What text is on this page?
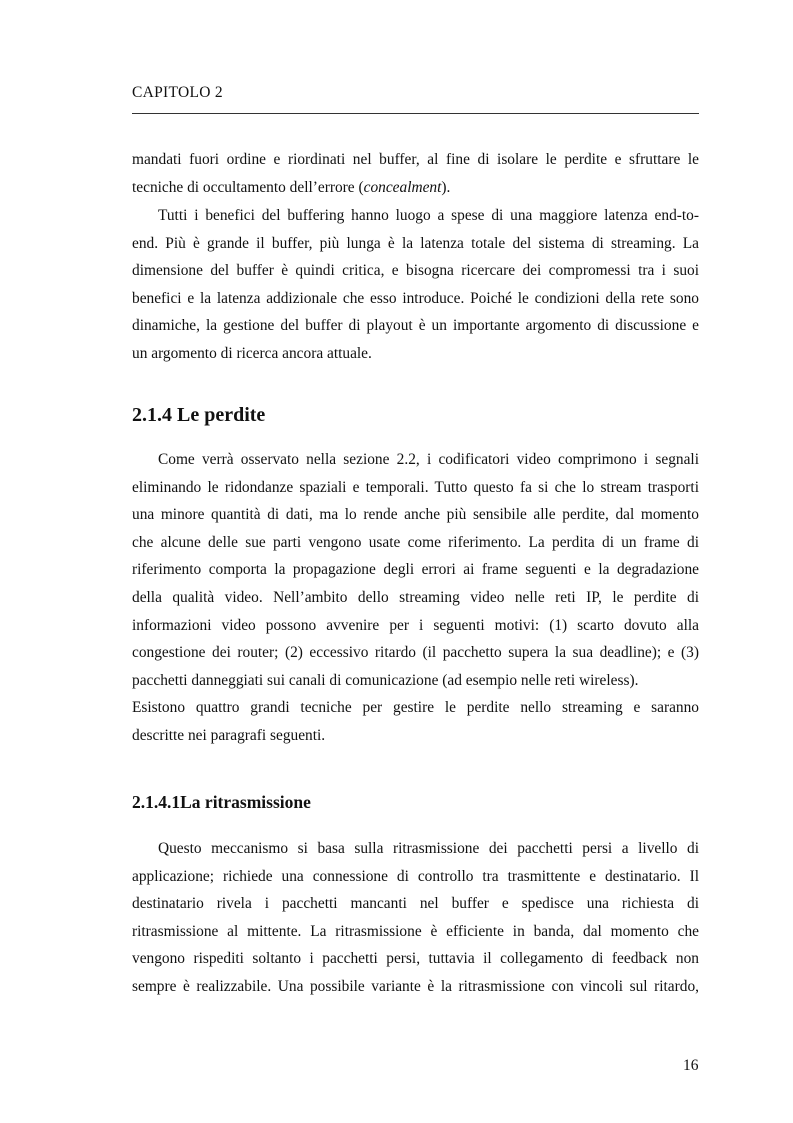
CAPITOLO 2
mandati fuori ordine e riordinati nel buffer, al fine di isolare le perdite e sfruttare le
tecniche di occultamento dell’errore (concealment).
Tutti i benefici del buffering hanno luogo a spese di una maggiore latenza end-to-
end. Più è grande il buffer, più lunga è la latenza totale del sistema di streaming. La
dimensione del buffer è quindi critica, e bisogna ricercare dei compromessi tra i suoi
benefici e la latenza addizionale che esso introduce. Poiché le condizioni della rete sono
dinamiche, la gestione del buffer di playout è un importante argomento di discussione e
un argomento di ricerca ancora attuale.
2.1.4 Le perdite
Come verrà osservato nella sezione 2.2, i codificatori video comprimono i segnali
eliminando le ridondanze spaziali e temporali. Tutto questo fa si che lo stream trasporti
una minore quantità di dati, ma lo rende anche più sensibile alle perdite, dal momento
che alcune delle sue parti vengono usate come riferimento. La perdita di un frame di
riferimento comporta la propagazione degli errori ai frame seguenti e la degradazione
della qualità video. Nell’ambito dello streaming video nelle reti IP, le perdite di
informazioni video possono avvenire per i seguenti motivi: (1) scarto dovuto alla
congestione dei router; (2) eccessivo ritardo (il pacchetto supera la sua deadline); e (3)
pacchetti danneggiati sui canali di comunicazione (ad esempio nelle reti wireless).
Esistono quattro grandi tecniche per gestire le perdite nello streaming e saranno
descritte nei paragrafi seguenti.
2.1.4.1La ritrasmissione
Questo meccanismo si basa sulla ritrasmissione dei pacchetti persi a livello di
applicazione; richiede una connessione di controllo tra trasmittente e destinatario. Il
destinatario rivela i pacchetti mancanti nel buffer e spedisce una richiesta di
ritrasmissione al mittente. La ritrasmissione è efficiente in banda, dal momento che
vengono rispediti soltanto i pacchetti persi, tuttavia il collegamento di feedback non
sempre è realizzabile. Una possibile variante è la ritrasmissione con vincoli sul ritardo,
16
